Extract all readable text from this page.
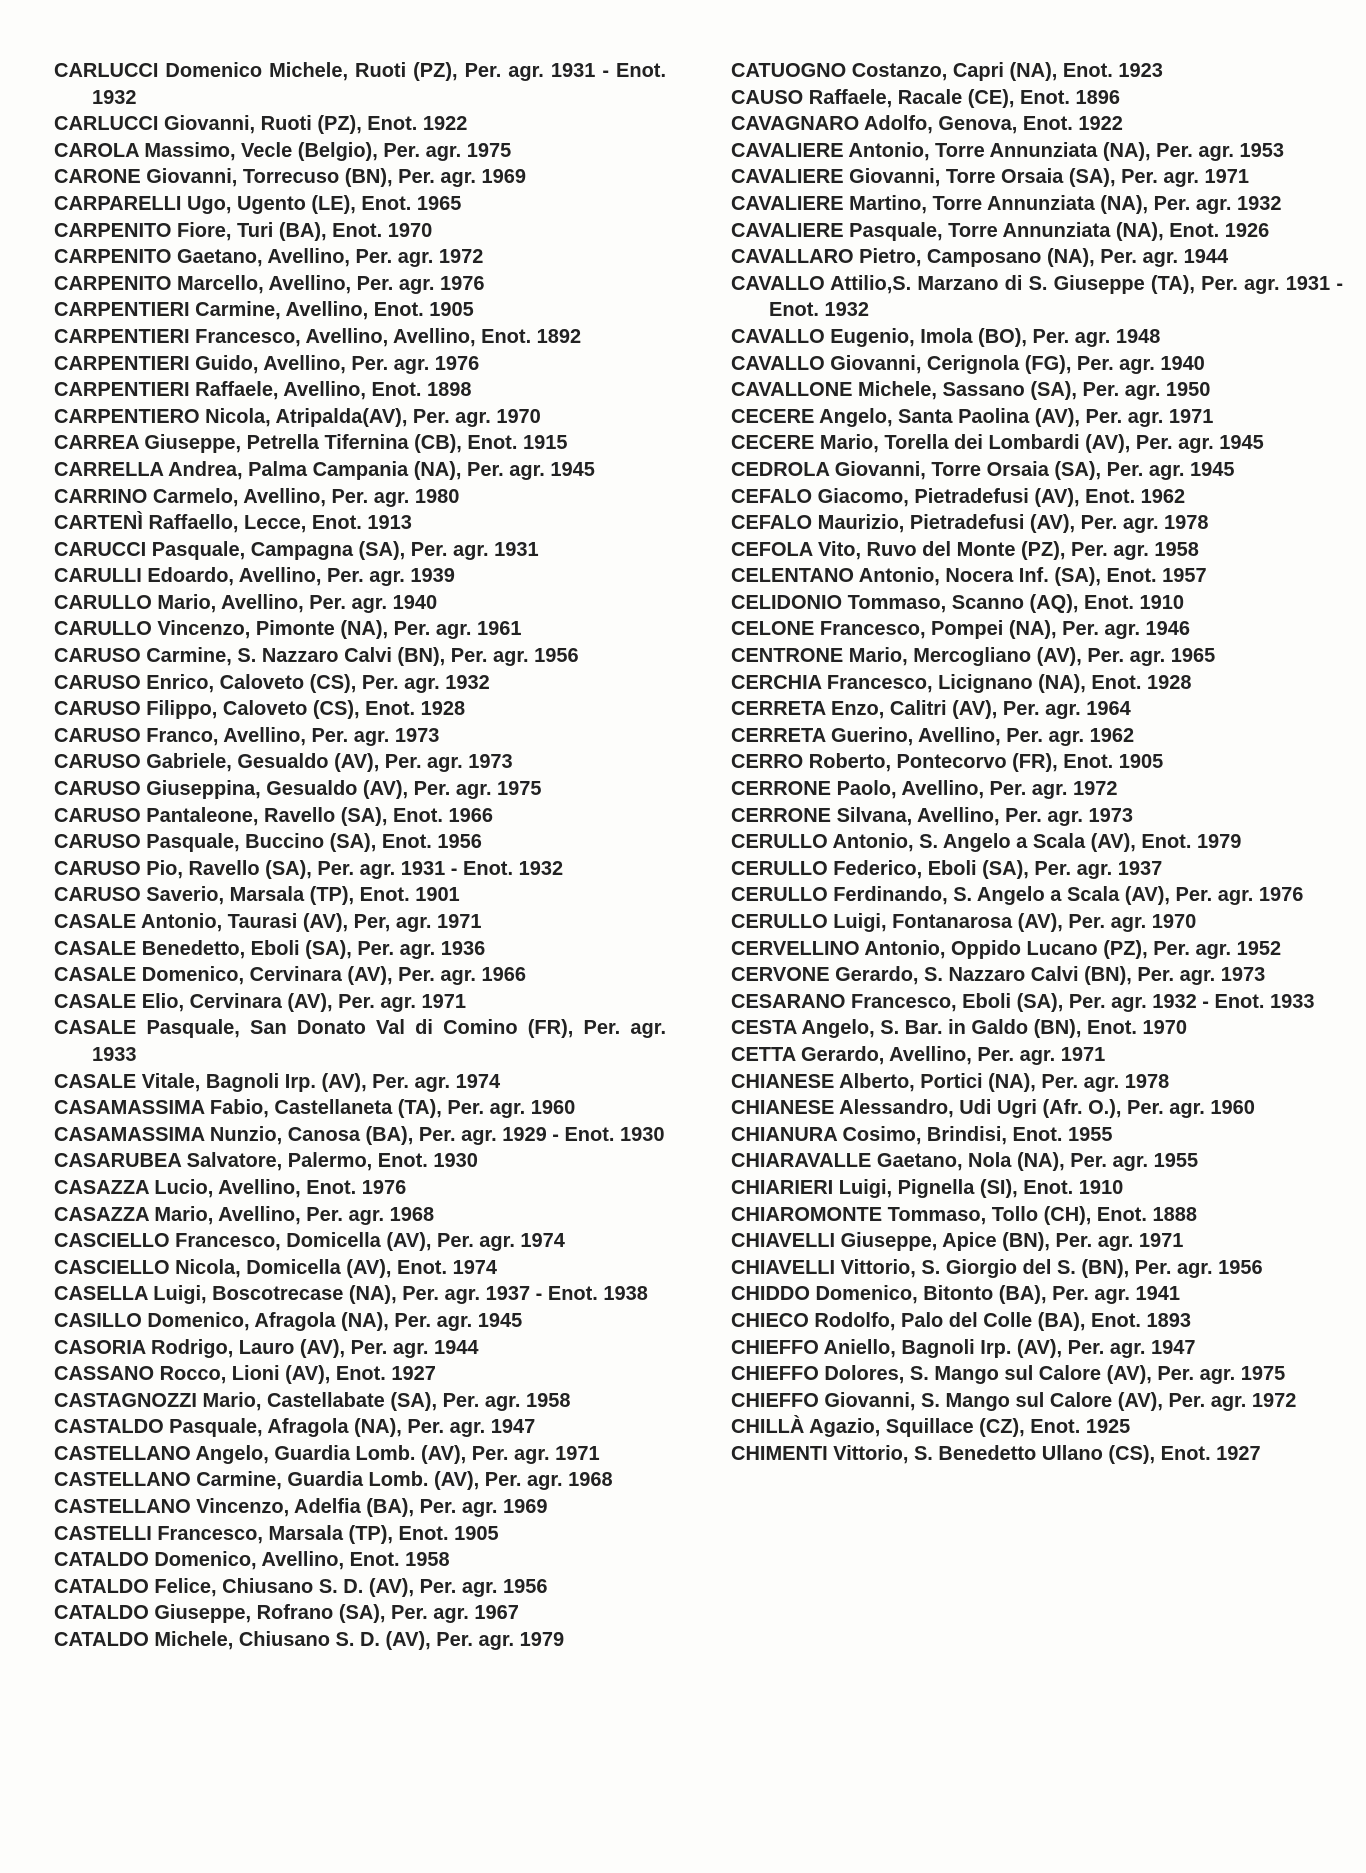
CARLUCCI Domenico Michele, Ruoti (PZ), Per. agr. 1931 - Enot. 1932
CARLUCCI Giovanni, Ruoti (PZ), Enot. 1922
CAROLA Massimo, Vecle (Belgio), Per. agr. 1975
CARONE Giovanni, Torrecuso (BN), Per. agr. 1969
CARPARELLI Ugo, Ugento (LE), Enot. 1965
CARPENITO Fiore, Turi (BA), Enot. 1970
CARPENITO Gaetano, Avellino, Per. agr. 1972
CARPENITO Marcello, Avellino, Per. agr. 1976
CARPENTIERI Carmine, Avellino, Enot. 1905
CARPENTIERI Francesco, Avellino, Avellino, Enot. 1892
CARPENTIERI Guido, Avellino, Per. agr. 1976
CARPENTIERI Raffaele, Avellino, Enot. 1898
CARPENTIERO Nicola, Atripalda(AV), Per. agr. 1970
CARREA Giuseppe, Petrella Tifernina (CB), Enot. 1915
CARRELLA Andrea, Palma Campania (NA), Per. agr. 1945
CARRINO Carmelo, Avellino, Per. agr. 1980
CARTENÌ Raffaello, Lecce, Enot. 1913
CARUCCI Pasquale, Campagna (SA), Per. agr. 1931
CARULLI Edoardo, Avellino, Per. agr. 1939
CARULLO Mario, Avellino, Per. agr. 1940
CARULLO Vincenzo, Pimonte (NA), Per. agr. 1961
CARUSO Carmine, S. Nazzaro Calvi (BN), Per. agr. 1956
CARUSO Enrico, Caloveto (CS), Per. agr. 1932
CARUSO Filippo, Caloveto (CS), Enot. 1928
CARUSO Franco, Avellino, Per. agr. 1973
CARUSO Gabriele, Gesualdo (AV), Per. agr. 1973
CARUSO Giuseppina, Gesualdo (AV), Per. agr. 1975
CARUSO Pantaleone, Ravello (SA), Enot. 1966
CARUSO Pasquale, Buccino (SA), Enot. 1956
CARUSO Pio, Ravello (SA), Per. agr. 1931 - Enot. 1932
CARUSO Saverio, Marsala (TP), Enot. 1901
CASALE Antonio, Taurasi (AV), Per, agr. 1971
CASALE Benedetto, Eboli (SA), Per. agr. 1936
CASALE Domenico, Cervinara (AV), Per. agr. 1966
CASALE Elio, Cervinara (AV), Per. agr. 1971
CASALE Pasquale, San Donato Val di Comino (FR), Per. agr. 1933
CASALE Vitale, Bagnoli Irp. (AV), Per. agr. 1974
CASAMASSIMA Fabio, Castellaneta (TA), Per. agr. 1960
CASAMASSIMA Nunzio, Canosa (BA), Per. agr. 1929 - Enot. 1930
CASARUBEA Salvatore, Palermo, Enot. 1930
CASAZZA Lucio, Avellino, Enot. 1976
CASAZZA Mario, Avellino, Per. agr. 1968
CASCIELLO Francesco, Domicella (AV), Per. agr. 1974
CASCIELLO Nicola, Domicella (AV), Enot. 1974
CASELLA Luigi, Boscotrecase (NA), Per. agr. 1937 - Enot. 1938
CASILLO Domenico, Afragola (NA), Per. agr. 1945
CASORIA Rodrigo, Lauro (AV), Per. agr. 1944
CASSANO Rocco, Lioni (AV), Enot. 1927
CASTAGNOZZI Mario, Castellabate (SA), Per. agr. 1958
CASTALDO Pasquale, Afragola (NA), Per. agr. 1947
CASTELLANO Angelo, Guardia Lomb. (AV), Per. agr. 1971
CASTELLANO Carmine, Guardia Lomb. (AV), Per. agr. 1968
CASTELLANO Vincenzo, Adelfia (BA), Per. agr. 1969
CASTELLI Francesco, Marsala (TP), Enot. 1905
CATALDO Domenico, Avellino, Enot. 1958
CATALDO Felice, Chiusano S. D. (AV), Per. agr. 1956
CATALDO Giuseppe, Rofrano (SA), Per. agr. 1967
CATALDO Michele, Chiusano S. D. (AV), Per. agr. 1979
CATUOGNO Costanzo, Capri (NA), Enot. 1923
CAUSO Raffaele, Racale (CE), Enot. 1896
CAVAGNARO Adolfo, Genova, Enot. 1922
CAVALIERE Antonio, Torre Annunziata (NA), Per. agr. 1953
CAVALIERE Giovanni, Torre Orsaia (SA), Per. agr. 1971
CAVALIERE Martino, Torre Annunziata (NA), Per. agr. 1932
CAVALIERE Pasquale, Torre Annunziata (NA), Enot. 1926
CAVALLARO Pietro, Camposano (NA), Per. agr. 1944
CAVALLO Attilio,S. Marzano di S. Giuseppe (TA), Per. agr. 1931 - Enot. 1932
CAVALLO Eugenio, Imola (BO), Per. agr. 1948
CAVALLO Giovanni, Cerignola (FG), Per. agr. 1940
CAVALLONE Michele, Sassano (SA), Per. agr. 1950
CECERE Angelo, Santa Paolina (AV), Per. agr. 1971
CECERE Mario, Torella dei Lombardi (AV), Per. agr. 1945
CEDROLA Giovanni, Torre Orsaia (SA), Per. agr. 1945
CEFALO Giacomo, Pietradefusi (AV), Enot. 1962
CEFALO Maurizio, Pietradefusi (AV), Per. agr. 1978
CEFOLA Vito, Ruvo del Monte (PZ), Per. agr. 1958
CELENTANO Antonio, Nocera Inf. (SA), Enot. 1957
CELIDONIO Tommaso, Scanno (AQ), Enot. 1910
CELONE Francesco, Pompei (NA), Per. agr. 1946
CENTRONE Mario, Mercogliano (AV), Per. agr. 1965
CERCHIA Francesco, Licignano (NA), Enot. 1928
CERRETA Enzo, Calitri (AV), Per. agr. 1964
CERRETA Guerino, Avellino, Per. agr. 1962
CERRO Roberto, Pontecorvo (FR), Enot. 1905
CERRONE Paolo, Avellino, Per. agr. 1972
CERRONE Silvana, Avellino, Per. agr. 1973
CERULLO Antonio, S. Angelo a Scala (AV), Enot. 1979
CERULLO Federico, Eboli (SA), Per. agr. 1937
CERULLO Ferdinando, S. Angelo a Scala (AV), Per. agr. 1976
CERULLO Luigi, Fontanarosa (AV), Per. agr. 1970
CERVELLINO Antonio, Oppido Lucano (PZ), Per. agr. 1952
CERVONE Gerardo, S. Nazzaro Calvi (BN), Per. agr. 1973
CESARANO Francesco, Eboli (SA), Per. agr. 1932 - Enot. 1933
CESTA Angelo, S. Bar. in Galdo (BN), Enot. 1970
CETTA Gerardo, Avellino, Per. agr. 1971
CHIANESE Alberto, Portici (NA), Per. agr. 1978
CHIANESE Alessandro, Udi Ugri (Afr. O.), Per. agr. 1960
CHIANURA Cosimo, Brindisi, Enot. 1955
CHIARAVALLE Gaetano, Nola (NA), Per. agr. 1955
CHIARIERI Luigi, Pignella (SI), Enot. 1910
CHIAROMONTE Tommaso, Tollo (CH), Enot. 1888
CHIAVELLI Giuseppe, Apice (BN), Per. agr. 1971
CHIAVELLI Vittorio, S. Giorgio del S. (BN), Per. agr. 1956
CHIDDO Domenico, Bitonto (BA), Per. agr. 1941
CHIECO Rodolfo, Palo del Colle (BA), Enot. 1893
CHIEFFO Aniello, Bagnoli Irp. (AV), Per. agr. 1947
CHIEFFO Dolores, S. Mango sul Calore (AV), Per. agr. 1975
CHIEFFO Giovanni, S. Mango sul Calore (AV), Per. agr. 1972
CHILLÀ Agazio, Squillace (CZ), Enot. 1925
CHIMENTI Vittorio, S. Benedetto Ullano (CS), Enot. 1927
